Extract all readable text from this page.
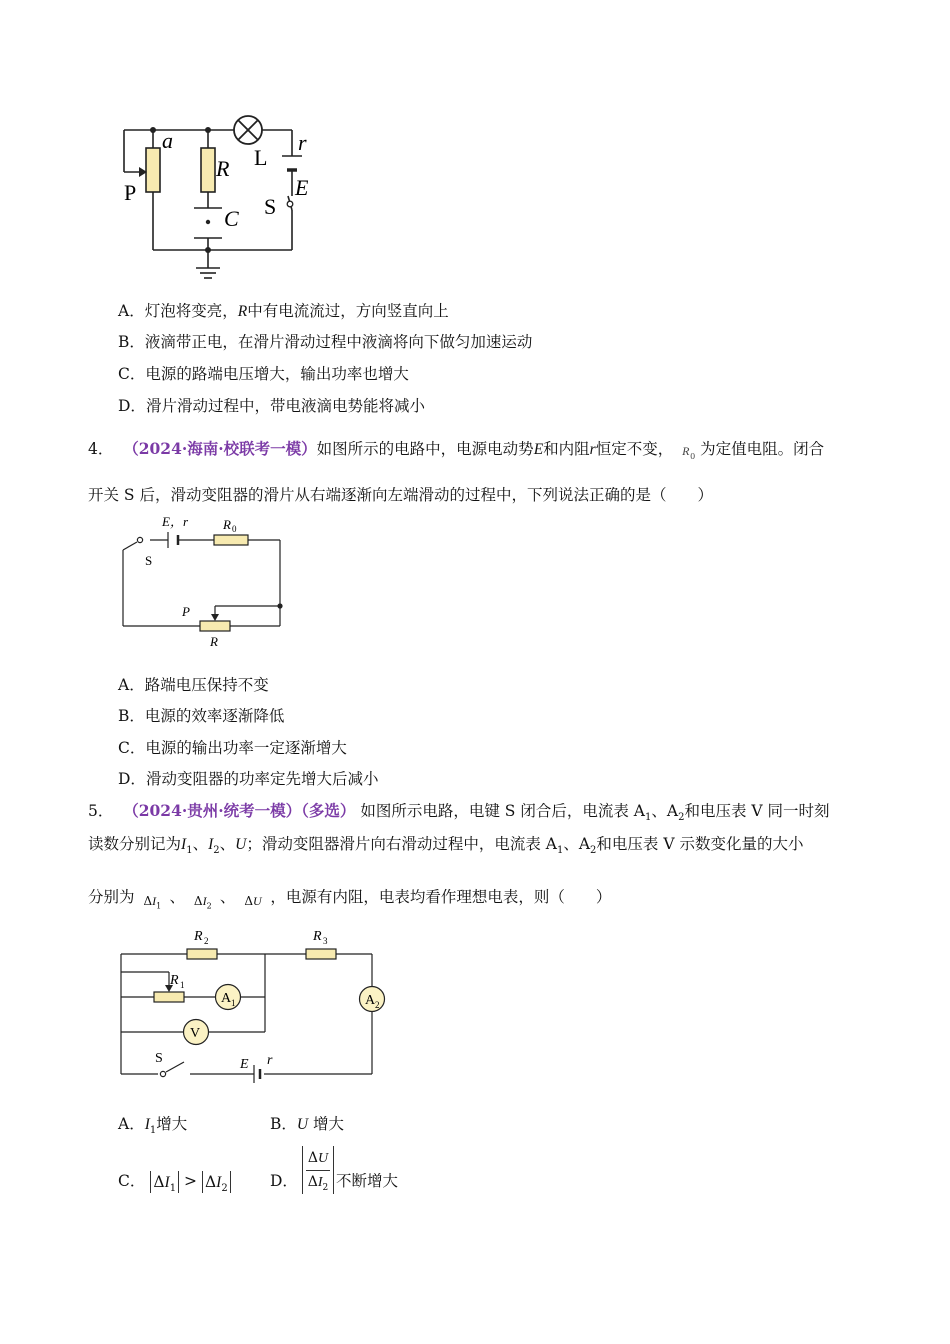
a
R L
r
P	E
S
C
A．灯泡将变亮，R中有电流流过，方向竖直向上
B．液滴带正电，在滑片滑动过程中液滴将向下做匀加速运动
C．电源的路端电压增大，输出功率也增大
D．滑片滑动过程中，带电液滴电势能将减小
4． （2024·海南·校联考一模）如图所示的电路中，电源电动势E和内阻r恒定不变， R 0 为定值电阻。闭合
开关 S 后，滑动变阻器的滑片从右端逐渐向左端滑动的过程中，下列说法正确的是（　　）
E，r	R 0
S
P
R
A．路端电压保持不变
B．电源的效率逐渐降低
C．电源的输出功率一定逐渐增大
D．滑动变阻器的功率定先增大后减小
5． （2024·贵州·统考一模）（多选） 如图所示电路，电键 S 闭合后，电流表 $A_1$、$A_2$和电压表 V 同一时刻
读数分别记为$I_1$、$I_2$、U；滑动变阻器滑片向右滑动过程中，电流表 $A_1$、$A_2$和电压表 V 示数变化量的大小
分别为 $\Delta I_1$ 、 $\Delta I_2$ 、 ΔU ，电源有内阻，电表均看作理想电表，则（　　）
R 2	R 3
R 1
A 1	A 2
V
S	E r
A．$I_1$增大	B．U 增大
C． $\Delta I_1 > \Delta I_2$	D．
ΔU
$\Delta I_2$ 不断增大
